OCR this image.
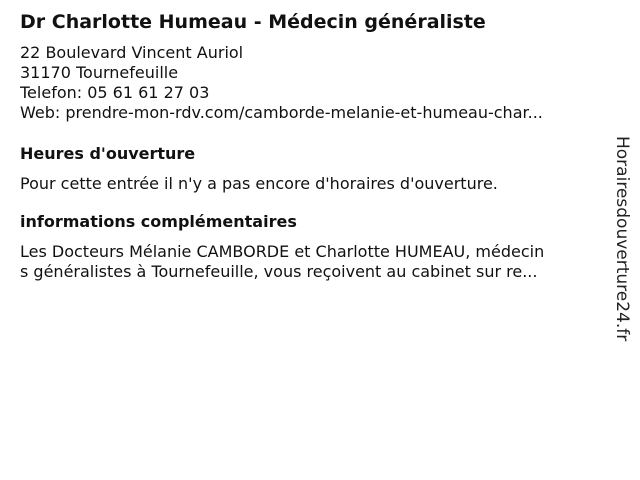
Dr Charlotte Humeau - Médecin généraliste
22 Boulevard Vincent Auriol
31170 Tournefeuille
Telefon: 05 61 61 27 03
Web: prendre-mon-rdv.com/camborde-melanie-et-humeau-char...
Heures d'ouverture
Pour cette entrée il n'y a pas encore d'horaires d'ouverture.
informations complémentaires
Les Docteurs Mélanie CAMBORDE et Charlotte HUMEAU, médecin
s généralistes à Tournefeuille, vous reçoivent au cabinet sur re...	Horairesdouverture24.fr
